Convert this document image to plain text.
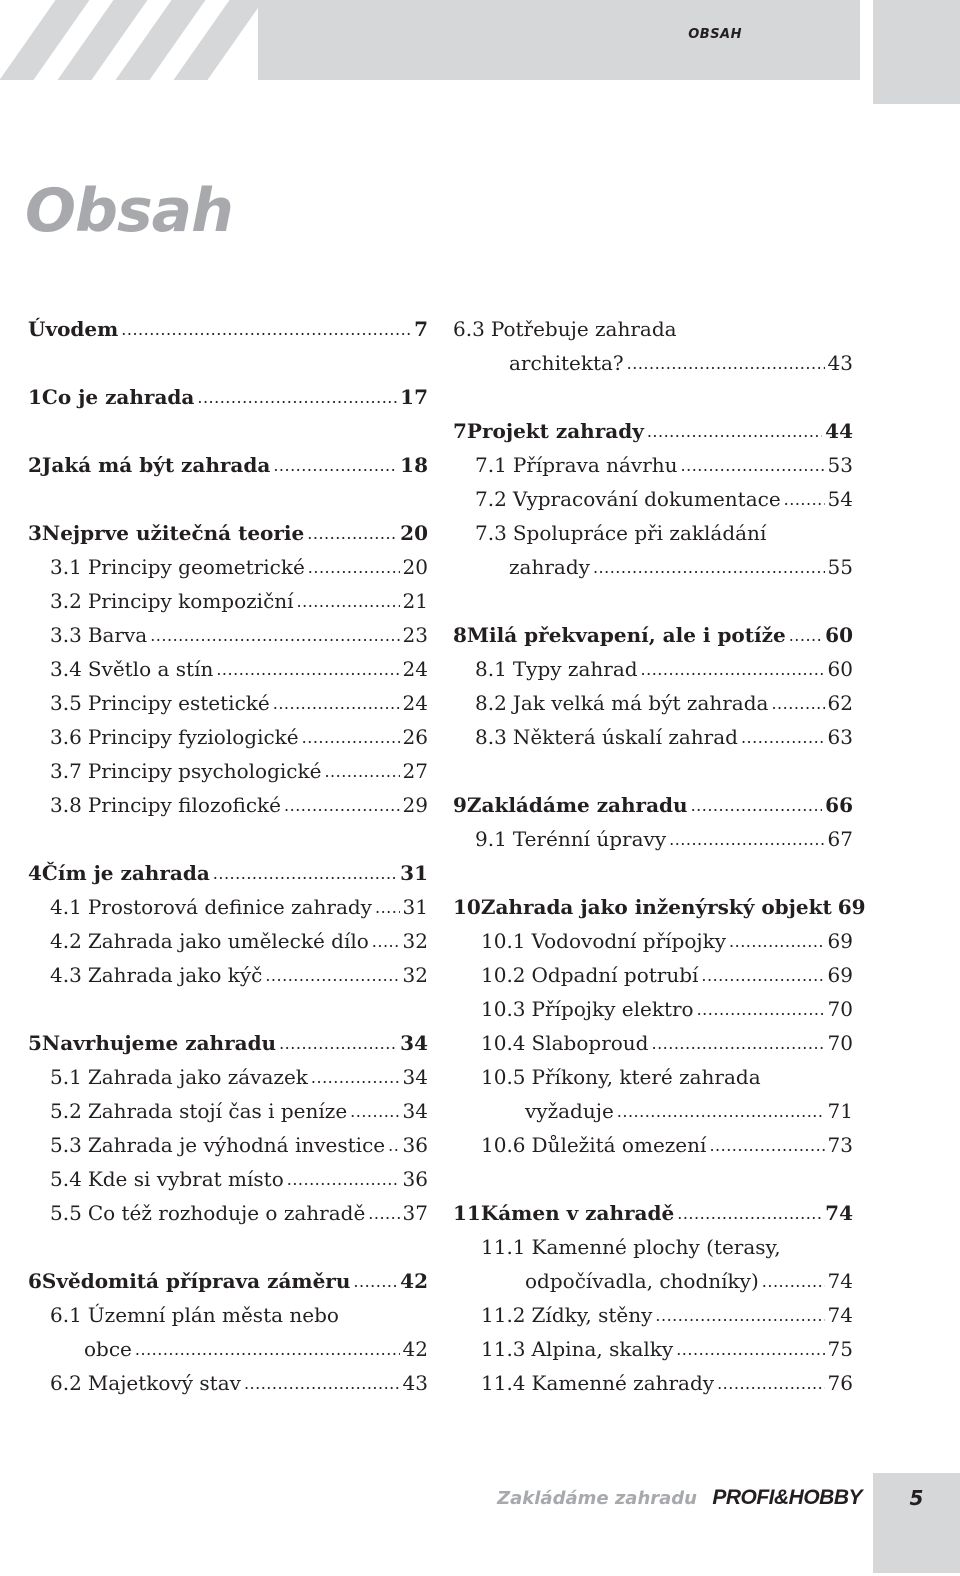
OBSAH
Obsah
Úvodem .....	7
1 Co je zahrada .....	17
2 Jaká má být zahrada .....	18
3 Nejprve užitečná teorie .....	20
3.1 Principy geometrické .....	20
3.2 Principy kompoziční .....	21
3.3 Barva .....	23
3.4 Světlo a stín .....	24
3.5 Principy estetické .....	24
3.6 Principy fyziologické .....	26
3.7 Principy psychologické .....	27
3.8 Principy filozofické .....	29
4 Čím je zahrada .....	31
4.1 Prostorová definice zahrady ..... 31
4.2 Zahrada jako umělecké dílo ..... 32
4.3 Zahrada jako kýč .....	32
5 Navrhujeme zahradu .....	34
5.1 Zahrada jako závazek .....	34
5.2 Zahrada stojí čas i peníze .....	34
5.3 Zahrada je výhodná investice ..... 36
5.4 Kde si vybrat místo .....	36
5.5 Co též rozhoduje o zahradě ..... 37
6 Svědomitá příprava záměru ..... 42
6.1 Územní plán města nebo
obce .....	42
6.2 Majetkový stav .....	43
6.3 Potřebuje zahrada
architekta? .....	43
7 Projekt zahrady .....	44
7.1 Příprava návrhu .....	53
7.2 Vypracování dokumentace ..... 54
7.3 Spolupráce při zakládání
zahrady .....	55
8 Milá překvapení, ale i potíže ..... 60
8.1 Typy zahrad .....	60
8.2 Jak velká má být zahrada .....	62
8.3 Některá úskalí zahrad .....	63
9 Zakládáme zahradu .....	66
9.1 Terénní úpravy .....	67
10 Zahrada jako inženýrský objekt 69
10.1 Vodovodní přípojky .....	69
10.2 Odpadní potrubí .....	69
10.3 Přípojky elektro .....	70
10.4 Slaboproud .....	70
10.5 Příkony, které zahrada
vyžaduje .....	71
10.6 Důležitá omezení .....	73
11 Kámen v zahradě .....	74
11.1 Kamenné plochy (terasy,
odpočívadla, chodníky) .....	74
11.2 Zídky, stěny .....	74
11.3 Alpina, skalky .....	75
11.4 Kamenné zahrady .....	76
Zakládáme zahradu PROFI&HOBBY	5
